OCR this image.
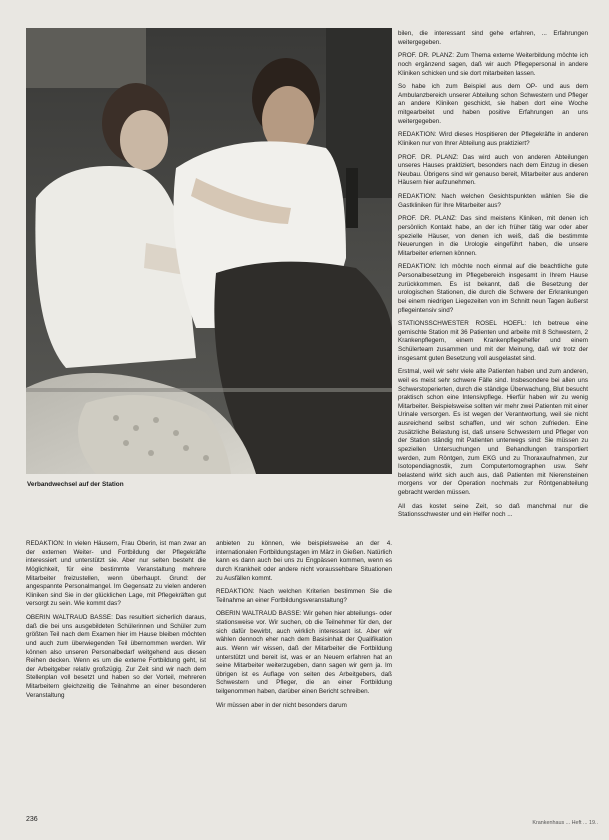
Verbandwechsel auf der Station

bilen, die interessant sind gehe erfahren, ... Erfahrungen weitergegeben.

PROF. DR. PLANZ: Zum Thema externe Weiterbildung möchte ich noch ergänzend sagen, daß wir auch Pflegepersonal in andere Kliniken schicken und sie dort mitarbeiten lassen.

So habe ich zum Beispiel aus dem OP- und aus dem Ambulanzbereich unserer Abteilung schon Schwestern und Pfleger an andere Kliniken geschickt, sie haben dort eine Woche mitgearbeitet und haben positive Erfahrungen an uns weitergegeben.

REDAKTION: Wird dieses Hospitieren der Pflegekräfte in anderen Kliniken nur von Ihrer Abteilung aus praktiziert?

PROF. DR. PLANZ: Das wird auch von anderen Abteilungen unseres Hauses praktiziert, besonders nach dem Einzug in diesen Neubau. Übrigens sind wir genauso bereit, Mitarbeiter aus anderen Häusern hier aufzunehmen.

REDAKTION: Nach welchen Gesichtspunkten wählen Sie die Gastkliniken für Ihre Mitarbeiter aus?

PROF. DR. PLANZ: Das sind meistens Kliniken, mit denen ich persönlich Kontakt habe, an der ich früher tätig war oder aber spezielle Häuser, von denen ich weiß, daß die bestimmte Neuerungen in die Urologie eingeführt haben, die unsere Mitarbeiter erlernen können.

REDAKTION: Ich möchte noch einmal auf die beachtliche gute Personalbesetzung im Pflegebereich insgesamt in Ihrem Hause zurückkommen. Es ist bekannt, daß die Besetzung der urologischen Stationen, die durch die Schwere der Erkrankungen bei einem niedrigen Liegezeiten von im Schnitt neun Tagen äußerst pflegeintensiv sind?

STATIONSSCHWESTER ROSEL HOEFL: Ich betreue eine gemischte Station mit 36 Patienten und arbeite mit 8 Schwestern, 2 Krankenpflegern, einem Krankenpflegehelfer und einem Schülerteam zusammen und mit der Meinung, daß wir trotz der insgesamt guten Besetzung voll ausgelastet sind.

Erstmal, weil wir sehr viele alte Patienten haben und zum anderen, weil es meist sehr schwere Fälle sind. Insbesondere bei allen uns Schwerstoperierten, durch die ständige Überwachung, Blut besucht praktisch schon eine Intensivpflege. Hierfür haben wir zu wenig Mitarbeiter. Beispielsweise sollten wir mehr zwei Patienten mit einer Urinale versorgen. Es ist wegen der Verantwortung, weil sie nicht ausreichend selbst schaffen, und wir schon zufrieden. Eine zusätzliche Belastung ist, daß unsere Schwestern und Pfleger von der Station ständig mit Patienten unterwegs sind: Sie müssen zu speziellen Untersuchungen und Behandlungen transportiert werden, zum Röntgen, zum EKG und zu Thoraxaufnahmen, zur Isotopendiagnostik, zum Computertomographen usw. Sehr belastend wirkt sich auch aus, daß Patienten mit Nierensteinen morgens vor der Operation nochmals zur Röntgenabteilung gebracht werden müssen.

All das kostet seine Zeit, so daß manchmal nur die Stationsschwester und ein Helfer noch ...

REDAKTION: In vielen Häusern, Frau Oberin, ist man zwar an der externen Weiter- und Fortbildung der Pflegekräfte interessiert und unterstützt sie. Aber nur selten besteht die Möglichkeit, für eine bestimmte Veranstaltung mehrere Mitarbeiter freizustellen, wenn überhaupt. Grund: der angespannte Personalmangel. Im Gegensatz zu vielen anderen Kliniken sind Sie in der glücklichen Lage, mit Pflegekräften gut versorgt zu sein. Wie kommt das?

OBERIN WALTRAUD BASSE: Das resultiert sicherlich daraus, daß die bei uns ausgebildeten Schülerinnen und Schüler zum größten Teil nach dem Examen hier im Hause bleiben möchten und auch zum überwiegenden Teil übernommen werden. Wir können also unseren Personalbedarf weitgehend aus diesen Reihen decken. Wenn es um die externe Fortbildung geht, ist der Arbeitgeber relativ großzügig. Zur Zeit sind wir nach dem Stellenplan voll besetzt und haben so der Vorteil, mehreren Mitarbeitern gleichzeitig die Teilnahme an einer besonderen Veranstaltung

anbieten zu können, wie beispielsweise an der 4. internationalen Fortbildungstagen im März in Gießen. Natürlich kann es dann auch bei uns zu Engpässen kommen, wenn es durch Krankheit oder andere nicht voraussehbare Situationen zu Ausfällen kommt.

REDAKTION: Nach welchen Kriterien bestimmen Sie die Teilnahme an einer Fortbildungsveranstaltung?

OBERIN WALTRAUD BASSE: Wir gehen hier abteilungs- oder stationsweise vor. Wir suchen, ob die Teilnehmer für den, der sich dafür bewirbt, auch wirklich interessant ist. Aber wir wählen dennoch eher nach dem Basisinhalt der Qualifikation aus. Wenn wir wissen, daß der Mitarbeiter die Fortbildung unterstützt und bereit ist, was er an Neuem erfahren hat an seine Mitarbeiter weiterzugeben, dann sagen wir gern ja. Im übrigen ist es Auflage von seiten des Arbeitgebers, daß Schwestern und Pfleger, die an einer Fortbildung teilgenommen haben, darüber einen Bericht schreiben.

Wir müssen aber in der nicht besonders darum

236	Krankenhaus ... Heft ... 19..
